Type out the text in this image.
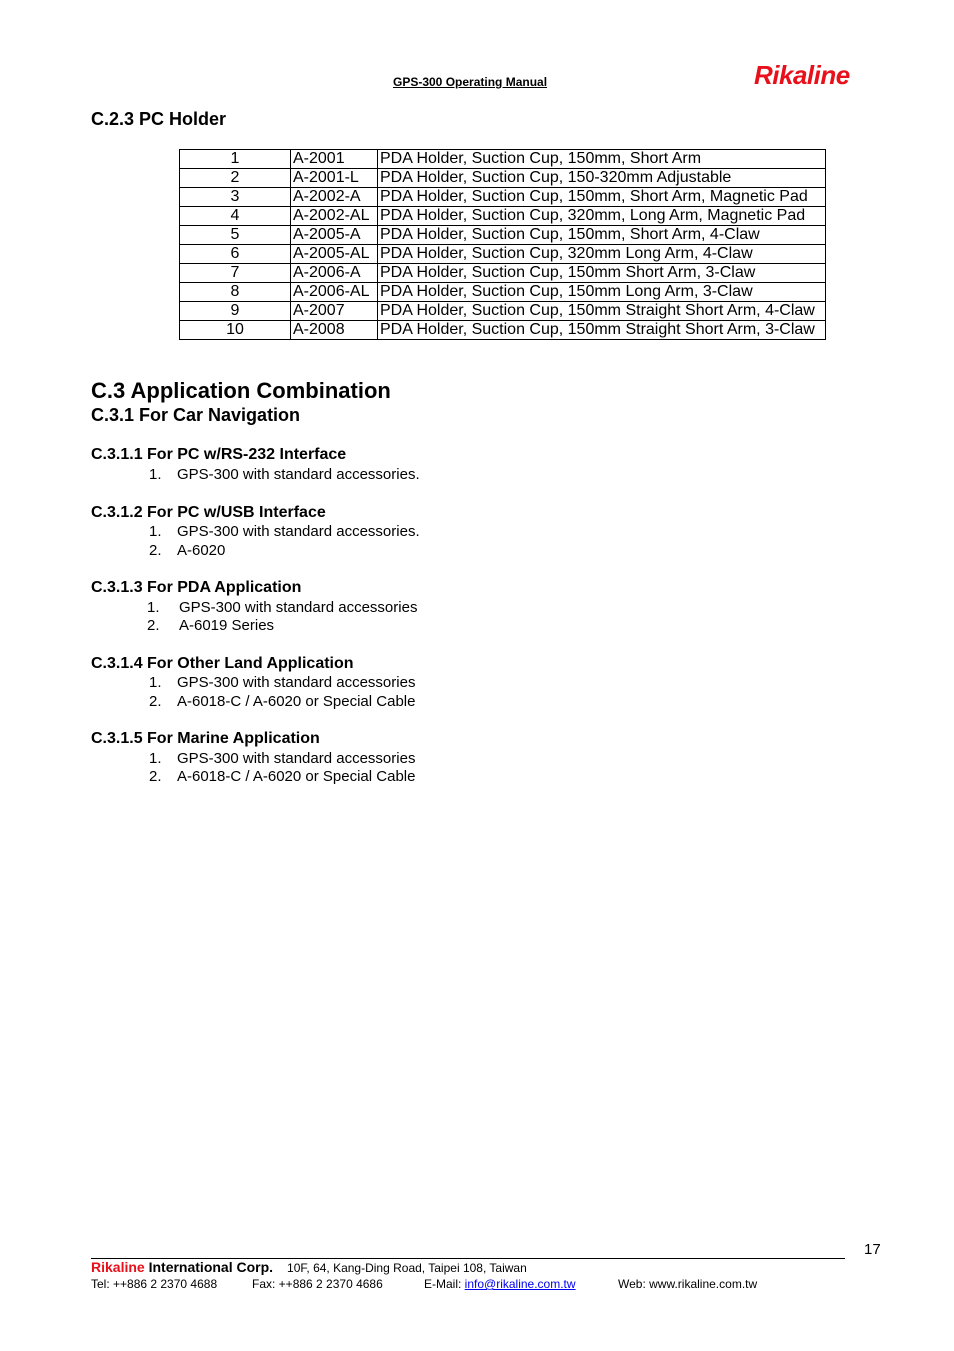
GPS-300 Operating Manual	Rikaline
C.2.3 PC Holder
1	A-2001	PDA Holder, Suction Cup, 150mm, Short Arm
2	A-2001-L	PDA Holder, Suction Cup, 150-320mm Adjustable
3	A-2002-A	PDA Holder, Suction Cup, 150mm, Short Arm, Magnetic Pad
4	A-2002-AL	PDA Holder, Suction Cup, 320mm, Long Arm, Magnetic Pad
5	A-2005-A	PDA Holder, Suction Cup, 150mm, Short Arm, 4-Claw
6	A-2005-AL	PDA Holder, Suction Cup, 320mm Long Arm, 4-Claw
7	A-2006-A	PDA Holder, Suction Cup, 150mm Short Arm, 3-Claw
8	A-2006-AL	PDA Holder, Suction Cup, 150mm Long Arm, 3-Claw
9	A-2007	PDA Holder, Suction Cup, 150mm Straight Short Arm, 4-Claw
10	A-2008	PDA Holder, Suction Cup, 150mm Straight Short Arm, 3-Claw
C.3 Application Combination
C.3.1 For Car Navigation
C.3.1.1 For PC w/RS-232 Interface
1. GPS-300 with standard accessories.
C.3.1.2 For PC w/USB Interface
1. GPS-300 with standard accessories.
2. A-6020
C.3.1.3 For PDA Application
1. GPS-300 with standard accessories
2. A-6019 Series
C.3.1.4 For Other Land Application
1. GPS-300 with standard accessories
2. A-6018-C / A-6020 or Special Cable
C.3.1.5 For Marine Application
1. GPS-300 with standard accessories
2. A-6018-C / A-6020 or Special Cable
17
Rikaline International Corp. 10F, 64, Kang-Ding Road, Taipei 108, Taiwan
Tel: ++886 2 2370 4688	Fax: ++886 2 2370 4686	E-Mail: info@rikaline.com.tw	Web: www.rikaline.com.tw
